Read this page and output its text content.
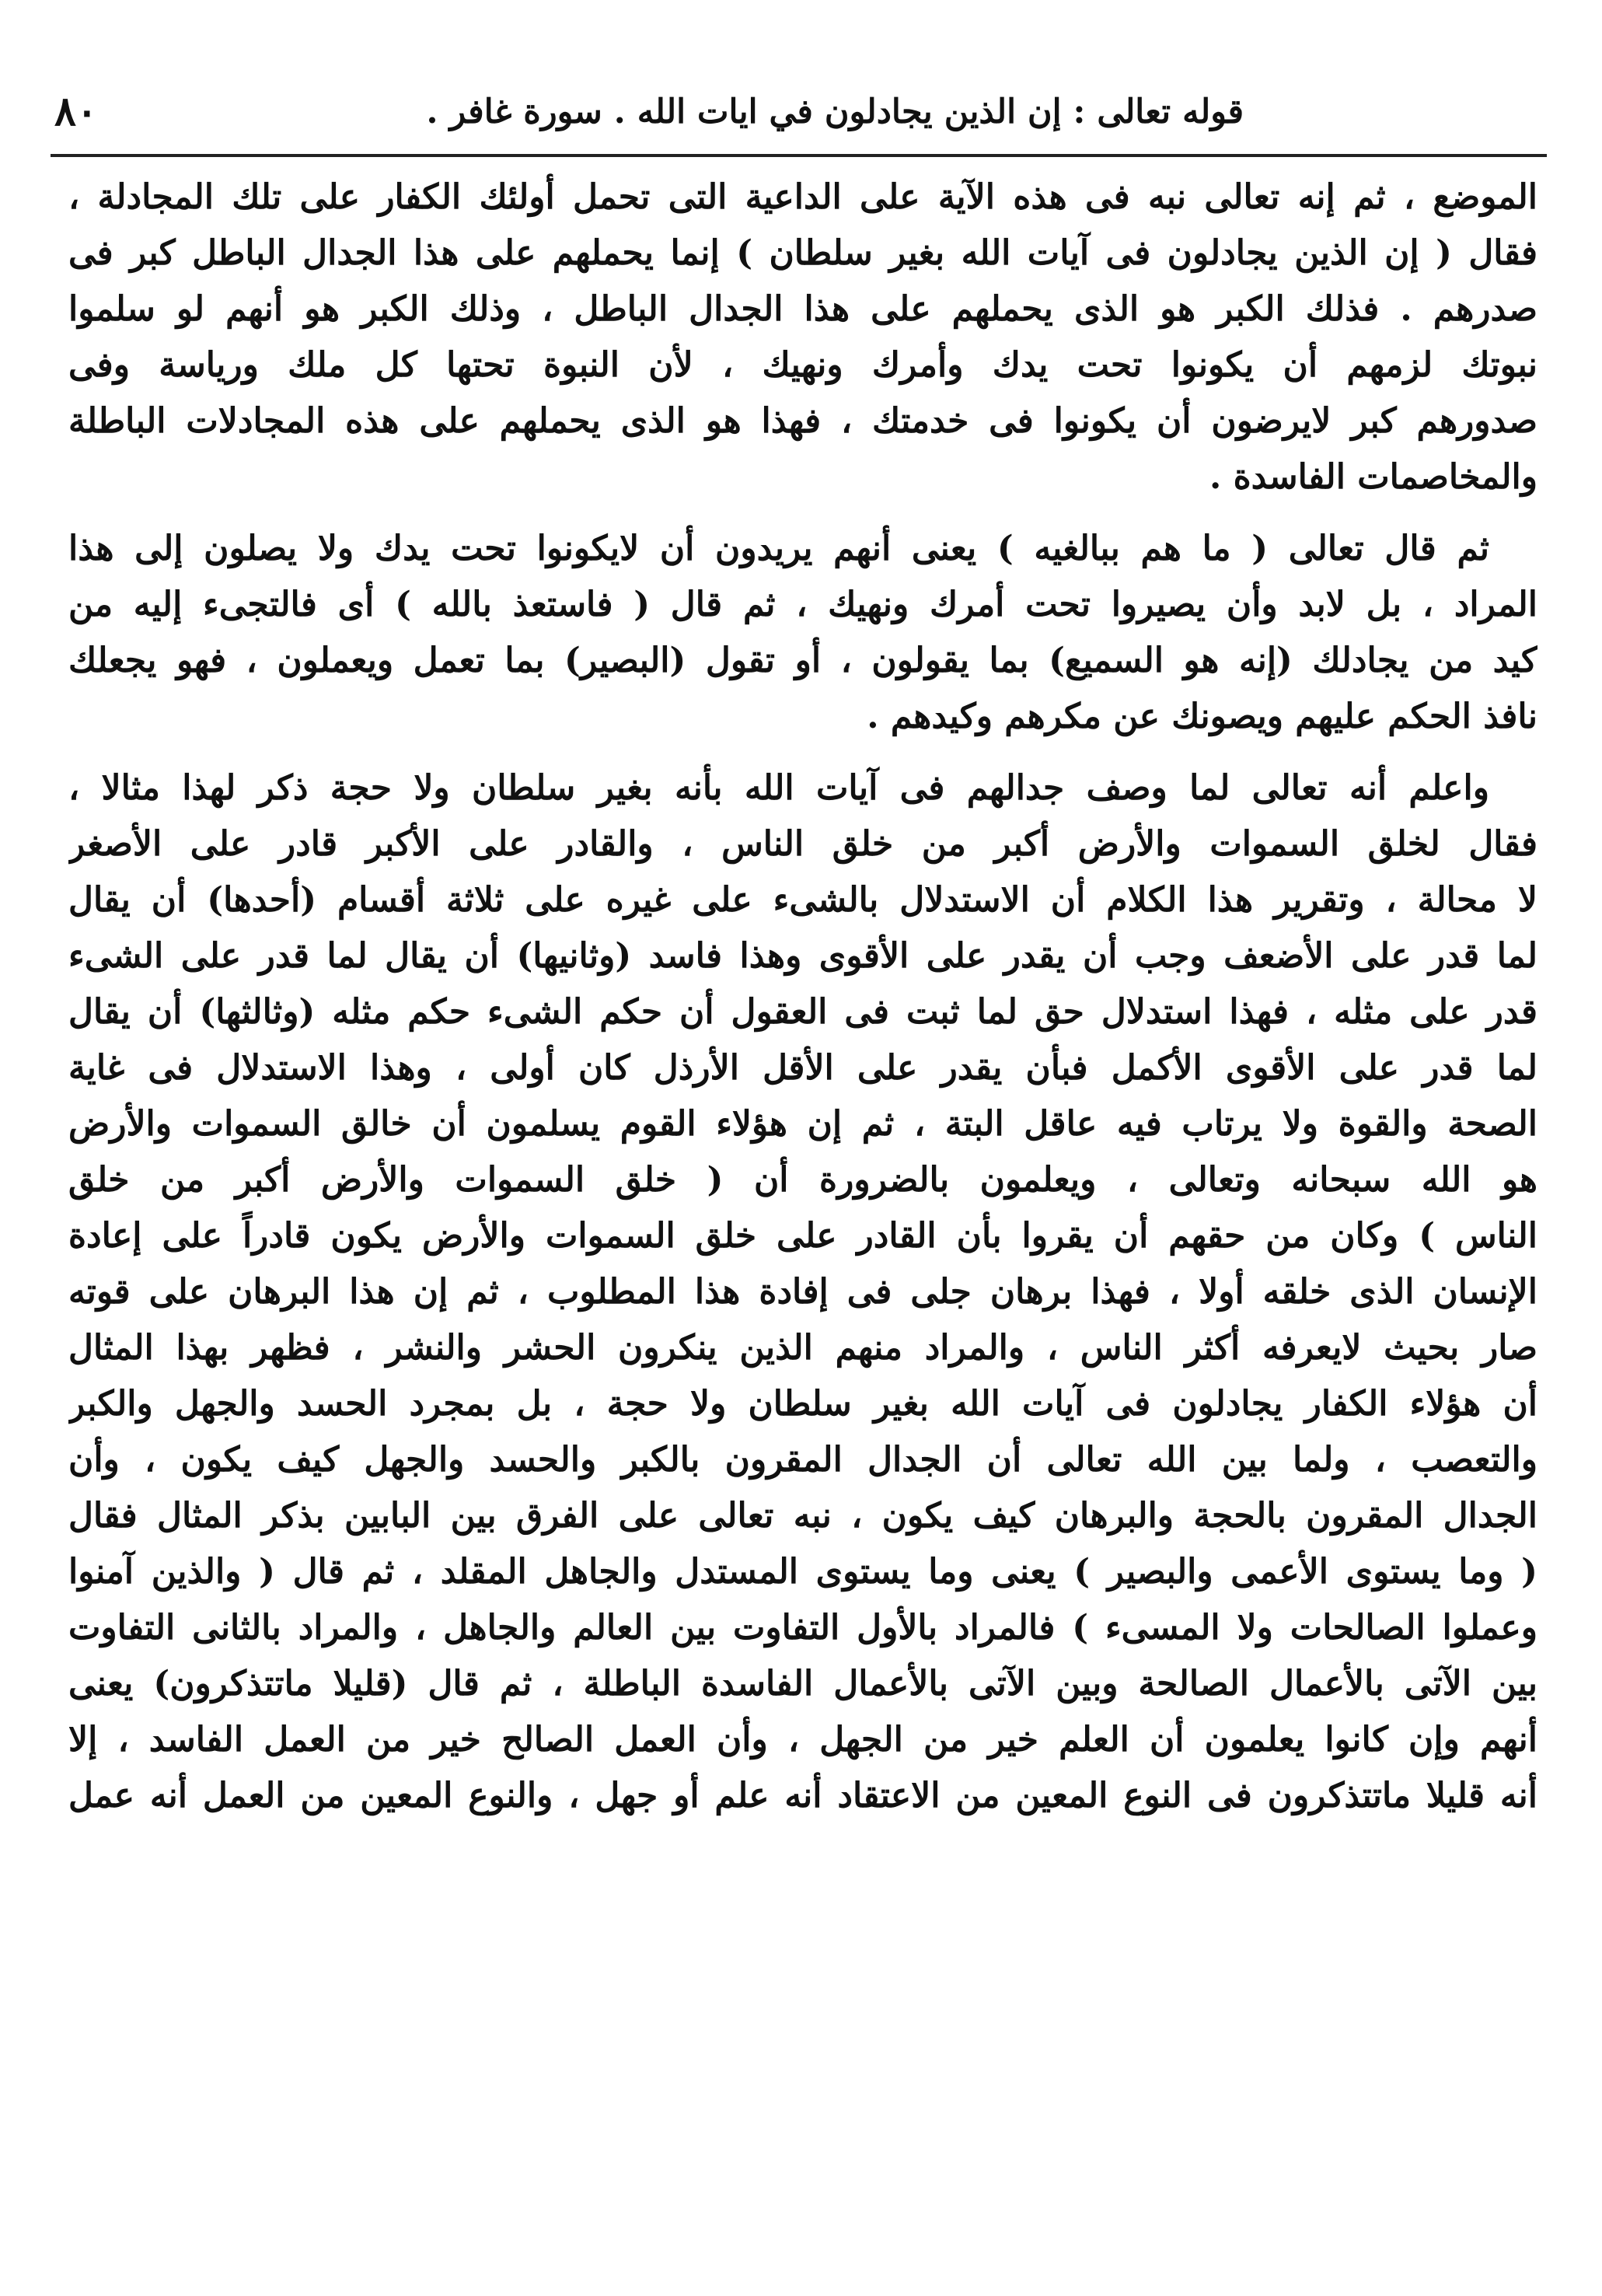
٨٠	قوله تعالى : إن الذين يجادلون في ايات الله . سورة غافر .
الموضع ، ثم إنه تعالى نبه فى هذه الآية على الداعية التى تحمل أولئك الكفار على تلك المجادلة ،
فقال ( إن الذين يجادلون فى آيات الله بغير سلطان ) إنما يحملهم على هذا الجدال الباطل كبر فى
صدرهم . فذلك الكبر هو الذى يحملهم على هذا الجدال الباطل ، وذلك الكبر هو أنهم لو سلموا
نبوتك لزمهم أن يكونوا تحت يدك وأمرك ونهيك ، لأن النبوة تحتها كل ملك ورياسة وفى
صدورهم كبر لايرضون أن يكونوا فى خدمتك ، فهذا هو الذى يحملهم على هذه المجادلات الباطلة
والمخاصمات الفاسدة .
ثم قال تعالى ( ما هم ببالغيه ) يعنى أنهم يريدون أن لايكونوا تحت يدك ولا يصلون إلى هذا
المراد ، بل لابد وأن يصيروا تحت أمرك ونهيك ، ثم قال ( فاستعذ بالله ) أى فالتجىء إليه من
كيد من يجادلك (إنه هو السميع) بما يقولون ، أو تقول (البصير) بما تعمل ويعملون ، فهو يجعلك
نافذ الحكم عليهم ويصونك عن مكرهم وكيدهم .
واعلم أنه تعالى لما وصف جدالهم فى آيات الله بأنه بغير سلطان ولا حجة ذكر لهذا مثالا ،
فقال لخلق السموات والأرض أكبر من خلق الناس ، والقادر على الأكبر قادر على الأصغر
لا محالة ، وتقرير هذا الكلام أن الاستدلال بالشىء على غيره على ثلاثة أقسام (أحدها) أن يقال
لما قدر على الأضعف وجب أن يقدر على الأقوى وهذا فاسد (وثانيها) أن يقال لما قدر على الشىء
قدر على مثله ، فهذا استدلال حق لما ثبت فى العقول أن حكم الشىء حكم مثله (وثالثها) أن يقال
لما قدر على الأقوى الأكمل فبأن يقدر على الأقل الأرذل كان أولى ، وهذا الاستدلال فى غاية
الصحة والقوة ولا يرتاب فيه عاقل البتة ، ثم إن هؤلاء القوم يسلمون أن خالق السموات والأرض
هو الله سبحانه وتعالى ، ويعلمون بالضرورة أن ( خلق السموات والأرض أكبر من خلق
الناس ) وكان من حقهم أن يقروا بأن القادر على خلق السموات والأرض يكون قادراً على إعادة
الإنسان الذى خلقه أولا ، فهذا برهان جلى فى إفادة هذا المطلوب ، ثم إن هذا البرهان على قوته
صار بحيث لايعرفه أكثر الناس ، والمراد منهم الذين ينكرون الحشر والنشر ، فظهر بهذا المثال
أن هؤلاء الكفار يجادلون فى آيات الله بغير سلطان ولا حجة ، بل بمجرد الحسد والجهل والكبر
والتعصب ، ولما بين الله تعالى أن الجدال المقرون بالكبر والحسد والجهل كيف يكون ، وأن
الجدال المقرون بالحجة والبرهان كيف يكون ، نبه تعالى على الفرق بين البابين بذكر المثال فقال
( وما يستوى الأعمى والبصير ) يعنى وما يستوى المستدل والجاهل المقلد ، ثم قال ( والذين آمنوا
وعملوا الصالحات ولا المسىء ) فالمراد بالأول التفاوت بين العالم والجاهل ، والمراد بالثانى التفاوت
بين الآتى بالأعمال الصالحة وبين الآتى بالأعمال الفاسدة الباطلة ، ثم قال (قليلا ماتتذكرون) يعنى
أنهم وإن كانوا يعلمون أن العلم خير من الجهل ، وأن العمل الصالح خير من العمل الفاسد ، إلا
أنه قليلا ماتتذكرون فى النوع المعين من الاعتقاد أنه علم أو جهل ، والنوع المعين من العمل أنه عمل
